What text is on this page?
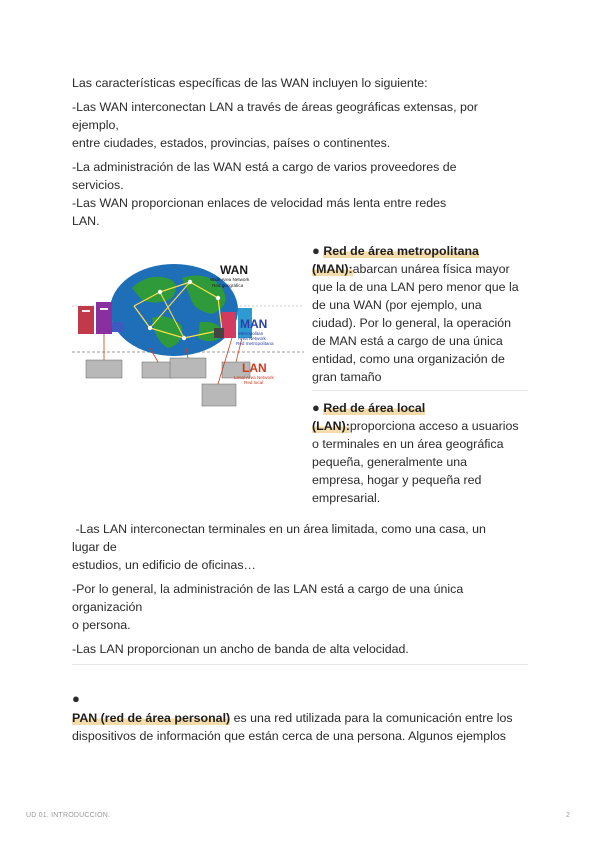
Las características específicas de las WAN incluyen lo siguiente:

-Las WAN interconectan LAN a través de áreas geográficas extensas, por
ejemplo,
entre ciudades, estados, provincias, países o continentes.

-La administración de las WAN está a cargo de varios proveedores de
servicios.

-Las WAN proporcionan enlaces de velocidad más lenta entre redes
LAN.

WAN
Wide Area Network
Red geográfica
MAN
Metropolitan
Area Network
Red metropolitana
LAN
Local Area Network
Red local

● Red de área metropolitana

(MAN):abarcan unárea física mayor

que la de una LAN pero menor que la

de una WAN (por ejemplo, una

ciudad). Por lo general, la operación

de MAN está a cargo de una única

entidad, como una organización de

gran tamaño

● Red de área local

(LAN):proporciona acceso a usuarios

o terminales en un área geográfica

pequeña, generalmente una

empresa, hogar y pequeña red

empresarial.

-Las LAN interconectan terminales en un área limitada, como una casa, un
lugar de
estudios, un edificio de oficinas…

-Por lo general, la administración de las LAN está a cargo de una única
organización
o persona.

-Las LAN proporcionan un ancho de banda de alta velocidad.

●

PAN (red de área personal) es una red utilizada para la comunicación entre los
dispositivos de información que están cerca de una persona. Algunos ejemplos

UD 01. INTRODUCCIÓN.	2
